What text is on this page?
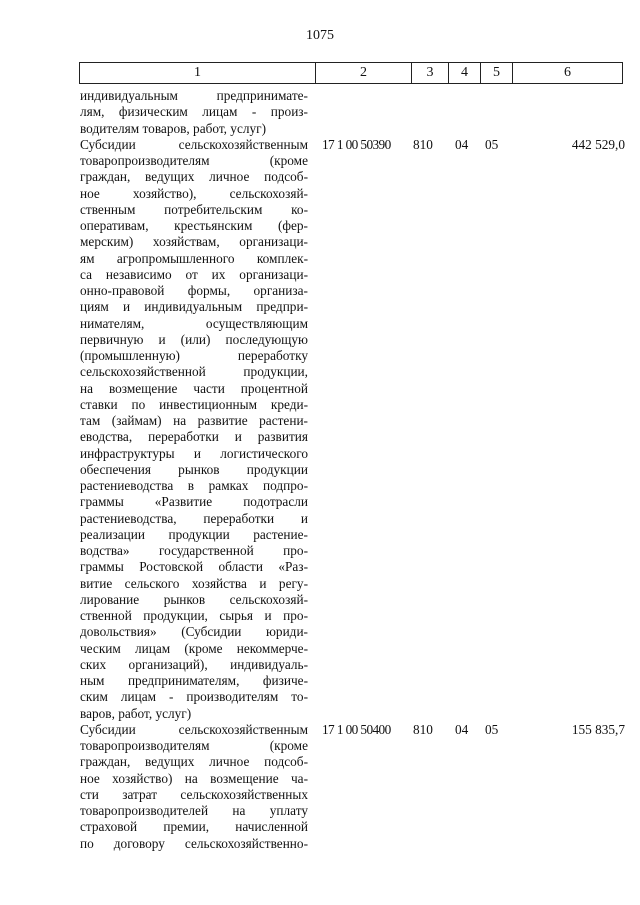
1075
1	2	3	4	5	6
индивидуальным предпринимате-
лям, физическим лицам - произ-
водителям товаров, работ, услуг)
Субсидии сельскохозяйственным
товаропроизводителям (кроме
граждан, ведущих личное подсоб-
ное хозяйство), сельскохозяй-
ственным потребительским ко-
оперативам, крестьянским (фер-
мерским) хозяйствам, организаци-
ям агропромышленного комплек-
са независимо от их организаци-
онно-правовой формы, организа-
циям и индивидуальным предпри-
нимателям, осуществляющим
первичную и (или) последующую
(промышленную) переработку
сельскохозяйственной продукции,
на возмещение части процентной
ставки по инвестиционным креди-
там (займам) на развитие растени-
еводства, переработки и развития
инфраструктуры и логистического
обеспечения рынков продукции
растениеводства в рамках подпро-
граммы «Развитие подотрасли
растениеводства, переработки и
реализации продукции растение-
водства» государственной про-
граммы Ростовской области «Раз-
витие сельского хозяйства и регу-
лирование рынков сельскохозяй-
ственной продукции, сырья и про-
довольствия» (Субсидии юриди-
ческим лицам (кроме некоммерче-
ских организаций), индивидуаль-
ным предпринимателям, физиче-
ским лицам - производителям то-
варов, работ, услуг)
17 1 00 50390 810 04 05	442 529,0
Субсидии сельскохозяйственным
товаропроизводителям (кроме
граждан, ведущих личное подсоб-
ное хозяйство) на возмещение ча-
сти затрат сельскохозяйственных
товаропроизводителей на уплату
страховой премии, начисленной
по договору сельскохозяйственно-
17 1 00 50400 810 04 05	155 835,7
